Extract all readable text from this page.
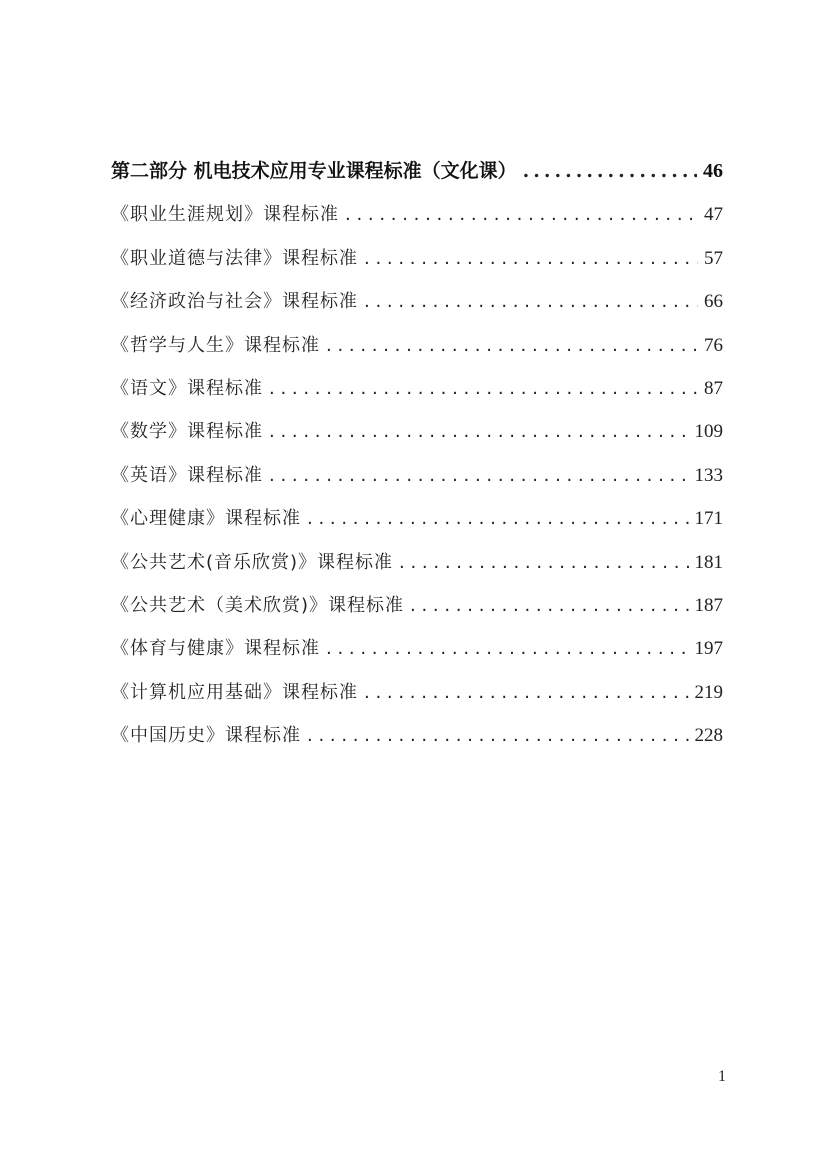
第二部分 机电技术应用专业课程标准（文化课） .....	46
《职业生涯规划》课程标准 . . .	47
《职业道德与法律》课程标准 . . .	57
《经济政治与社会》课程标准 . . .	66
《哲学与人生》课程标准 . . .	76
《语文》课程标准 . . .	87
《数学》课程标准 . . .	109
《英语》课程标准 . . .	133
《心理健康》课程标准 . . .	171
《公共艺术(音乐欣赏)》课程标准 . . .	181
《公共艺术（美术欣赏)》课程标准 . . .	187
《体育与健康》课程标准 . . .	197
《计算机应用基础》课程标准 . . .	219
《中国历史》课程标准 . . .	228
1
